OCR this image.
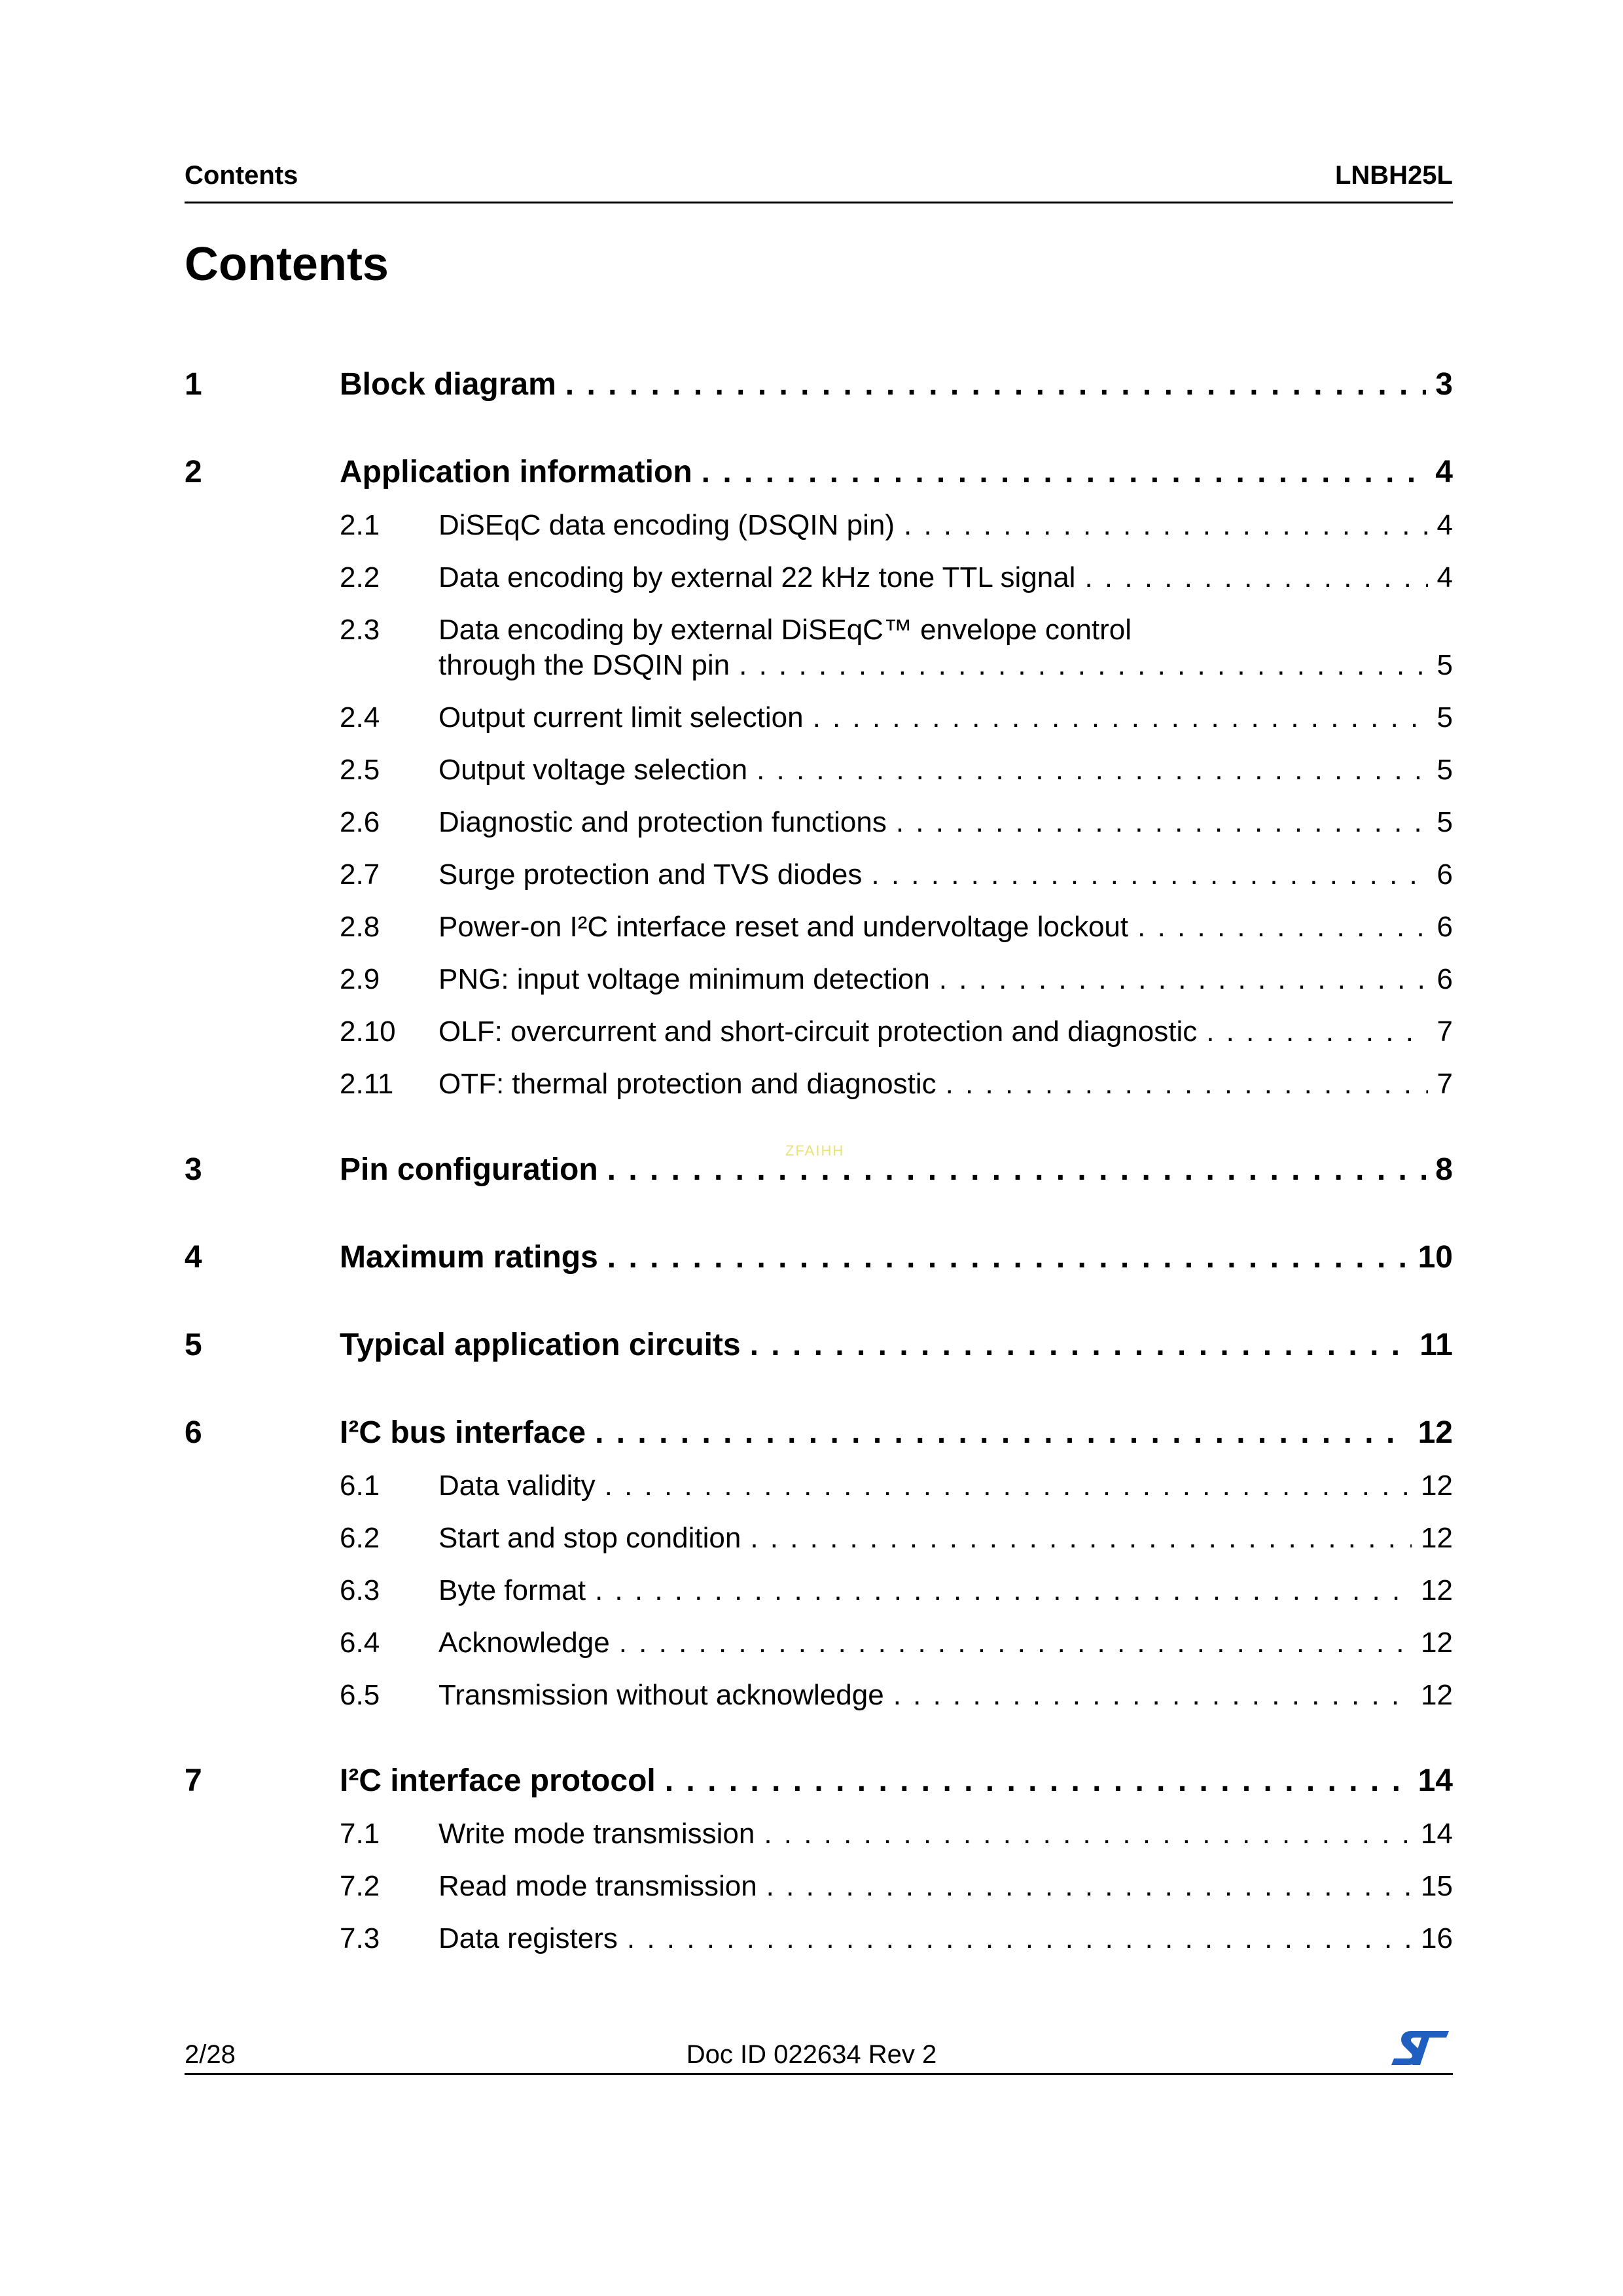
Contents	LNBH25L
Contents
ZFAIHH
1	Block diagram . . .	3
2	Application information . . .	4
2.1 DiSEqC data encoding (DSQIN pin) . . .	4
2.2 Data encoding by external 22 kHz tone TTL signal . . .	4
2.3 Data encoding by external DiSEqC™ envelope control
through the DSQIN pin . . .	5
2.4 Output current limit selection . . .	5
2.5 Output voltage selection . . .	5
2.6 Diagnostic and protection functions . . .	5
2.7 Surge protection and TVS diodes . . .	6
2.8 Power-on I²C interface reset and undervoltage lockout . . .	6
2.9 PNG: input voltage minimum detection . . .	6
2.10 OLF: overcurrent and short-circuit protection and diagnostic . . .	7
2.11 OTF: thermal protection and diagnostic . . .	7
3	Pin configuration . . .	8
4	Maximum ratings . . .	10
5	Typical application circuits . . .	11
6	I²C bus interface . . .	12
6.1 Data validity . . .	12
6.2 Start and stop condition . . .	12
6.3 Byte format . . .	12
6.4 Acknowledge . . .	12
6.5 Transmission without acknowledge . . .	12
7	I²C interface protocol . . .	14
7.1 Write mode transmission . . .	14
7.2 Read mode transmission . . .	15
7.3 Data registers . . .	16
2/28	Doc ID 022634 Rev 2
